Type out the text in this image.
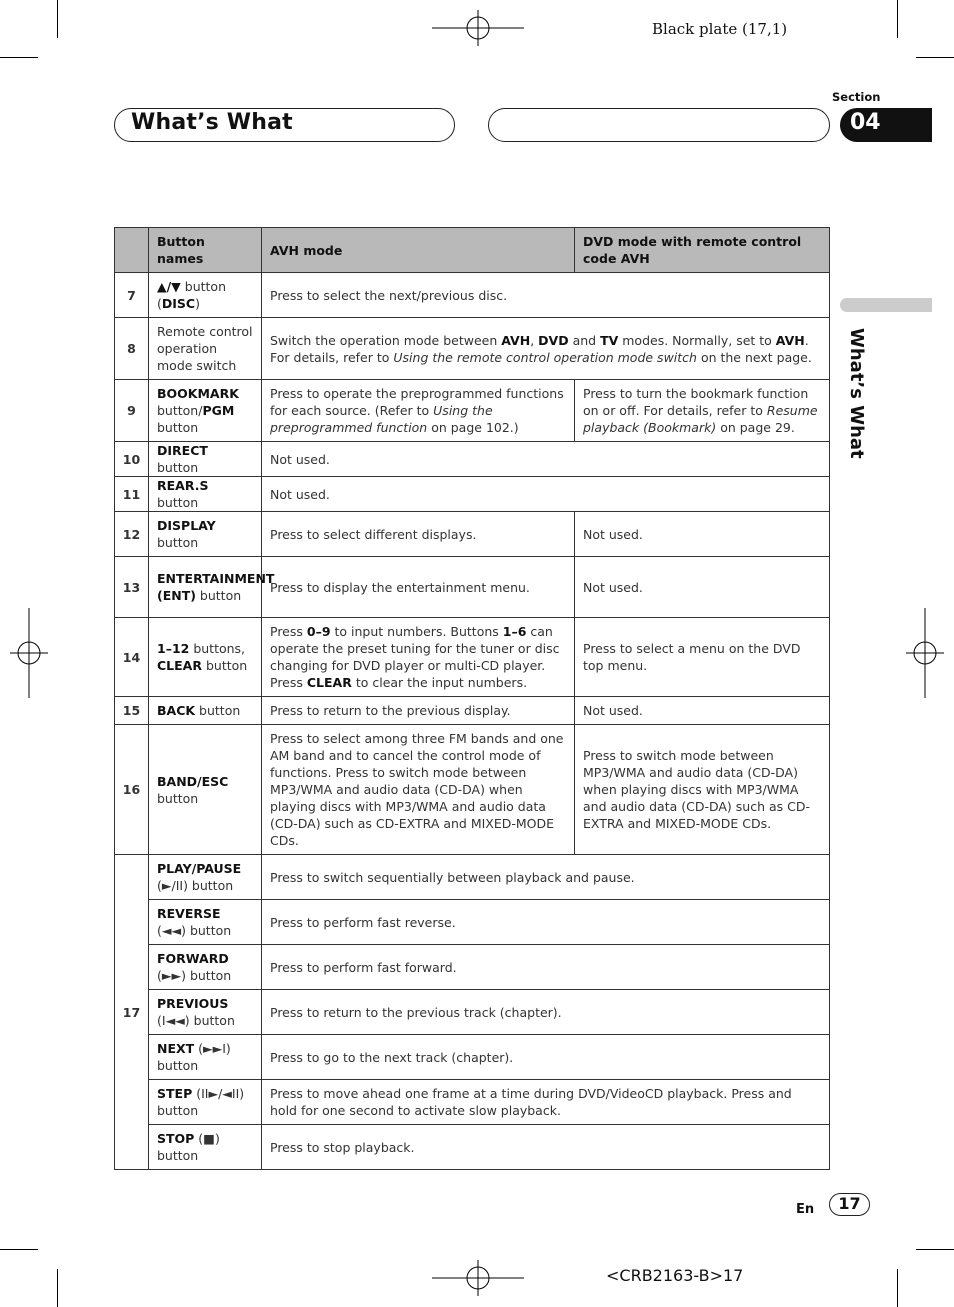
Black plate (17,1)
What’s What
Section
04
What’s What
	Button names	AVH mode	DVD mode with remote control code AVH
7	▲/▼ button (DISC)	Press to select the next/previous disc.	
8	Remote control operation mode switch	Switch the operation mode between AVH, DVD and TV modes. Normally, set to AVH. For details, refer to Using the remote control operation mode switch on the next page.	
9	BOOKMARK button/PGM button	Press to operate the preprogrammed functions for each source. (Refer to Using the preprogrammed function on page 102.)	Press to turn the bookmark function on or off. For details, refer to Resume playback (Bookmark) on page 29.
10	DIRECT button	Not used.	
11	REAR.S button	Not used.	
12	DISPLAY button	Press to select different displays.	Not used.
13	ENTERTAINMENT (ENT) button	Press to display the entertainment menu.	Not used.
14	1–12 buttons, CLEAR button	Press 0–9 to input numbers. Buttons 1–6 can operate the preset tuning for the tuner or disc changing for DVD player or multi-CD player. Press CLEAR to clear the input numbers.	Press to select a menu on the DVD top menu.
15	BACK button	Press to return to the previous display.	Not used.
16	BAND/ESC button	Press to select among three FM bands and one AM band and to cancel the control mode of functions. Press to switch mode between MP3/WMA and audio data (CD-DA) when playing discs with MP3/WMA and audio data (CD-DA) such as CD-EXTRA and MIXED-MODE CDs.	Press to switch mode between MP3/WMA and audio data (CD-DA) when playing discs with MP3/WMA and audio data (CD-DA) such as CD-EXTRA and MIXED-MODE CDs.
17	PLAY/PAUSE (►/II) button	Press to switch sequentially between playback and pause.	
	REVERSE (◄◄) button	Press to perform fast reverse.	
	FORWARD (►►) button	Press to perform fast forward.	
	PREVIOUS (I◄◄) button	Press to return to the previous track (chapter).	
	NEXT (►►I) button	Press to go to the next track (chapter).	
	STEP (II►/◄II) button	Press to move ahead one frame at a time during DVD/VideoCD playback. Press and hold for one second to activate slow playback.	
	STOP (■) button	Press to stop playback.	
En	17
<CRB2163-B>17
